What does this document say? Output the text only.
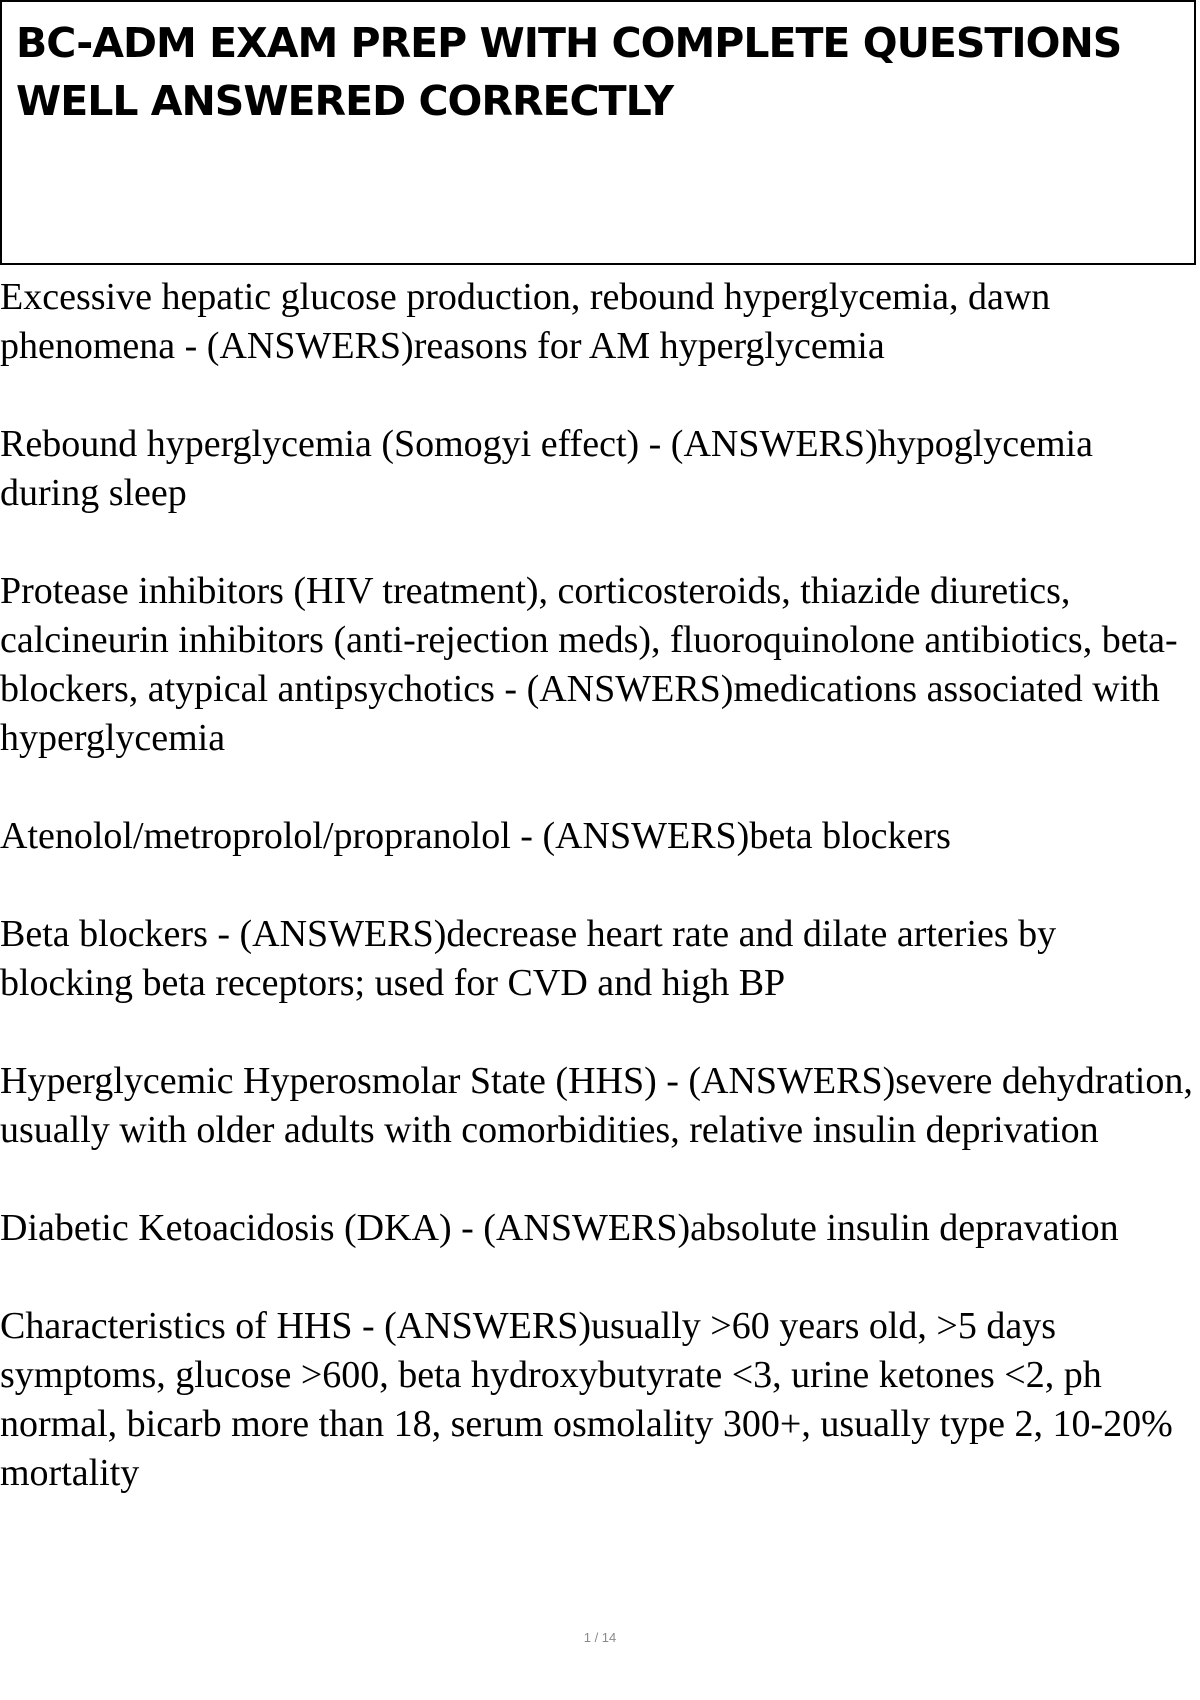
BC-ADM EXAM PREP WITH COMPLETE QUESTIONS WELL ANSWERED CORRECTLY

Excessive hepatic glucose production, rebound hyperglycemia, dawn phenomena - (ANSWERS)reasons for AM hyperglycemia

Rebound hyperglycemia (Somogyi effect) - (ANSWERS)hypoglycemia during sleep

Protease inhibitors (HIV treatment), corticosteroids, thiazide diuretics, calcineurin inhibitors (anti-rejection meds), fluoroquinolone antibiotics, beta-blockers, atypical antipsychotics - (ANSWERS)medications associated with hyperglycemia

Atenolol/metroprolol/propranolol - (ANSWERS)beta blockers

Beta blockers - (ANSWERS)decrease heart rate and dilate arteries by blocking beta receptors; used for CVD and high BP

Hyperglycemic Hyperosmolar State (HHS) - (ANSWERS)severe dehydration, usually with older adults with comorbidities, relative insulin deprivation

Diabetic Ketoacidosis (DKA) - (ANSWERS)absolute insulin depravation

Characteristics of HHS - (ANSWERS)usually >60 years old, >5 days symptoms, glucose >600, beta hydroxybutyrate <3, urine ketones <2, ph normal, bicarb more than 18, serum osmolality 300+, usually type 2, 10-20% mortality

1 / 14
